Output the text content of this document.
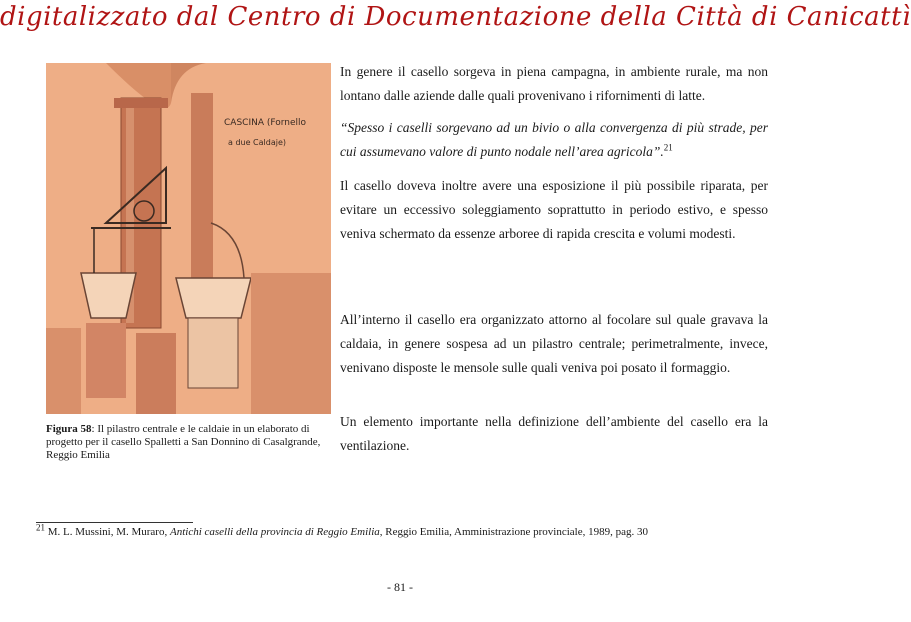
digitalizzato dal Centro di Documentazione della Città di Canicattì
CASCINA (Fornello
a due Caldaje)
Figura 58: Il pilastro centrale e le caldaie in un elaborato di progetto per il casello Spalletti a San Donnino di Casalgrande, Reggio Emilia
In genere il casello sorgeva in piena campagna, in ambiente rurale, ma non lontano dalle aziende dalle quali provenivano i rifornimenti di latte.
“Spesso i caselli sorgevano ad un bivio o alla convergenza di più strade, per cui assumevano valore di punto nodale nell’area agricola”.$^{21}$
Il casello doveva inoltre avere una esposizione il più possibile riparata, per evitare un eccessivo soleggiamento soprattutto in periodo estivo, e spesso veniva schermato da essenze arboree di rapida crescita e volumi modesti.
All’interno il casello era organizzato attorno al focolare sul quale gravava la caldaia, in genere sospesa ad un pilastro centrale; perimetralmente, invece, venivano disposte le mensole sulle quali veniva poi posato il formaggio.
Un elemento importante nella definizione dell’ambiente del casello era la ventilazione.
$^{21}$ M. L. Mussini, M. Muraro, Antichi caselli della provincia di Reggio Emilia, Reggio Emilia, Amministrazione provinciale, 1989, pag. 30
- 81 -
